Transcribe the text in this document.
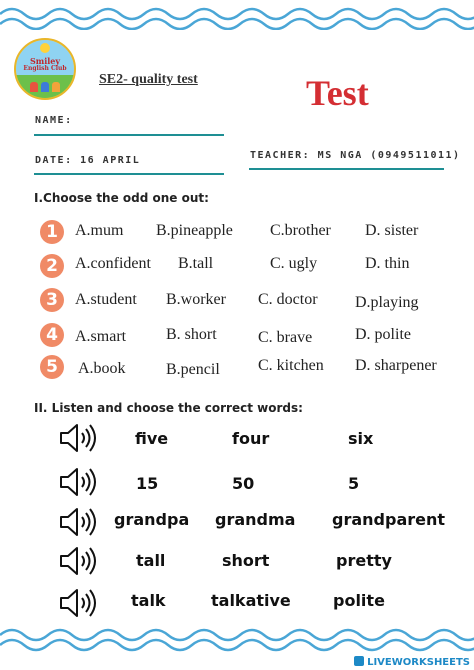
Smiley
English Club
SE2- quality test	Test
NAME:
DATE: 16 APRIL	TEACHER: MS NGA (0949511011)
I.Choose the odd one out:
1	A.mum B.pineapple C.brother D. sister
2	A.confident B.tall	C. ugly	D. thin
3	A.student B.worker C. doctor D.playing
4	A.smart B. short	C. brave	D. polite
5	A.book	B.pencil C. kitchen D. sharpener
II. Listen and choose the correct words:
five	four	six
15	50	5
grandpa grandma grandparent
tall	short	pretty
talk	talkative	polite
LIVEWORKSHEETS
